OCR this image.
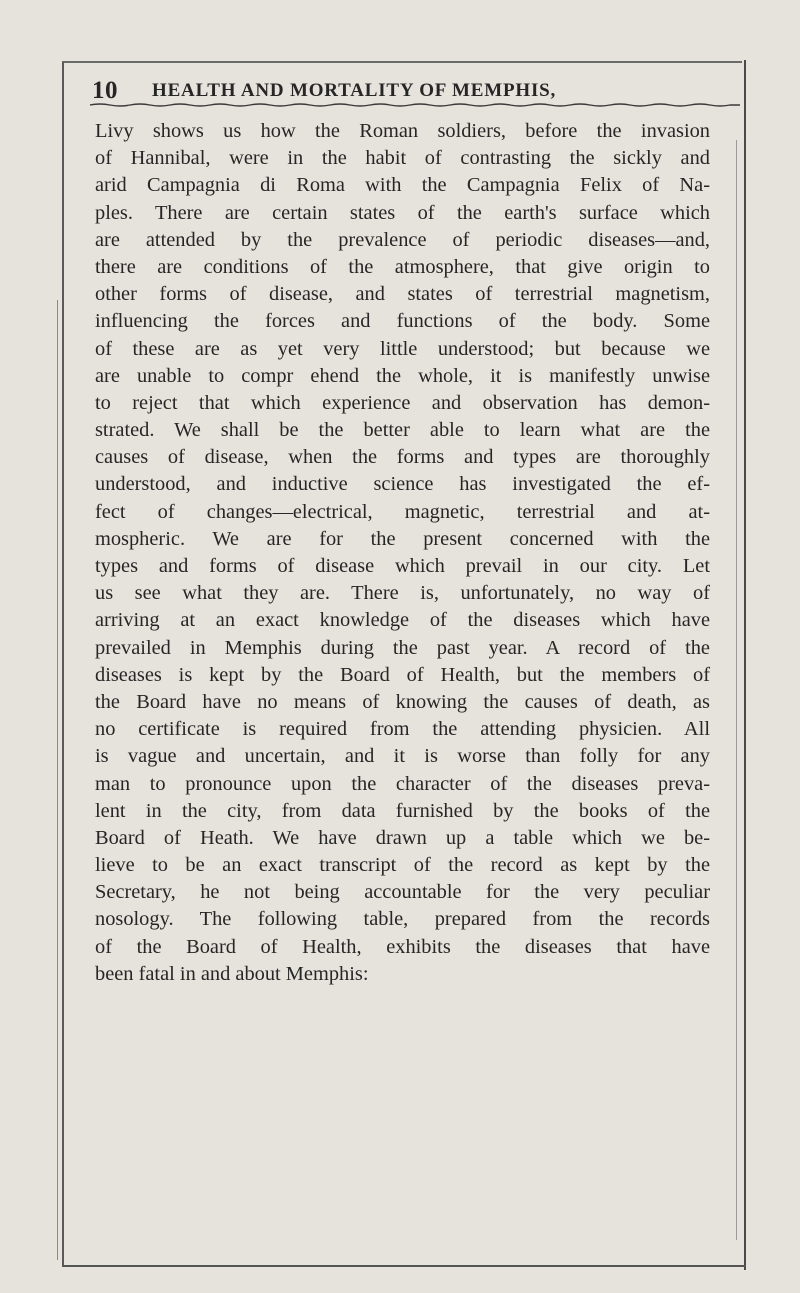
10 HEALTH AND MORTALITY OF MEMPHIS,
Livy shows us how the Roman soldiers, before the invasion
of Hannibal, were in the habit of contrasting the sickly and
arid Campagnia di Roma with the Campagnia Felix of Na-
ples. There are certain states of the earth's surface which
are attended by the prevalence of periodic diseases—and,
there are conditions of the atmosphere, that give origin to
other forms of disease, and states of terrestrial magnetism,
influencing the forces and functions of the body. Some
of these are as yet very little understood; but because we
are unable to compr ehend the whole, it is manifestly unwise
to reject that which experience and observation has demon-
strated. We shall be the better able to learn what are the
causes of disease, when the forms and types are thoroughly
understood, and inductive science has investigated the ef-
fect of changes—electrical, magnetic, terrestrial and at-
mospheric. We are for the present concerned with the
types and forms of disease which prevail in our city. Let
us see what they are. There is, unfortunately, no way of
arriving at an exact knowledge of the diseases which have
prevailed in Memphis during the past year. A record of the
diseases is kept by the Board of Health, but the members of
the Board have no means of knowing the causes of death, as
no certificate is required from the attending physicien. All
is vague and uncertain, and it is worse than folly for any
man to pronounce upon the character of the diseases preva-
lent in the city, from data furnished by the books of the
Board of Heath. We have drawn up a table which we be-
lieve to be an exact transcript of the record as kept by the
Secretary, he not being accountable for the very peculiar
nosology. The following table, prepared from the records
of the Board of Health, exhibits the diseases that have
been fatal in and about Memphis:
